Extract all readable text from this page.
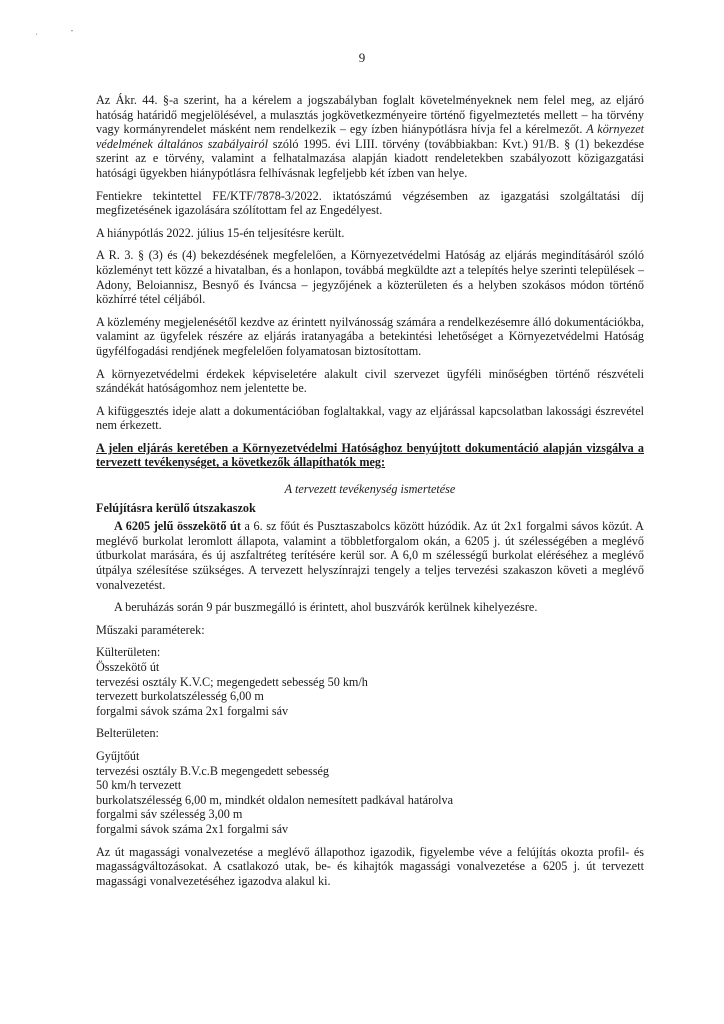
,	"
9

Az Ákr. 44. §-a szerint, ha a kérelem a jogszabályban foglalt követelményeknek nem felel meg, az eljáró hatóság határidő megjelölésével, a mulasztás jogkövetkezményeire történő figyelmeztetés mellett – ha törvény vagy kormányrendelet másként nem rendelkezik – egy ízben hiánypótlásra hívja fel a kérelmezőt. A környezet védelmének általános szabályairól szóló 1995. évi LIII. törvény (továbbiakban: Kvt.) 91/B. § (1) bekezdése szerint az e törvény, valamint a felhatalmazása alapján kiadott rendeletekben szabályozott közigazgatási hatósági ügyekben hiánypótlásra felhívásnak legfeljebb két ízben van helye.

Fentiekre tekintettel FE/KTF/7878-3/2022. iktatószámú végzésemben az igazgatási szolgáltatási díj megfizetésének igazolására szólítottam fel az Engedélyest.

A hiánypótlás 2022. július 15-én teljesítésre került.

A R. 3. § (3) és (4) bekezdésének megfelelően, a Környezetvédelmi Hatóság az eljárás megindításáról szóló közleményt tett közzé a hivatalban, és a honlapon, továbbá megküldte azt a telepítés helye szerinti települések – Adony, Beloiannisz, Besnyő és Iváncsa – jegyzőjének a közterületen és a helyben szokásos módon történő közhírré tétel céljából.

A közlemény megjelenésétől kezdve az érintett nyilvánosság számára a rendelkezésemre álló dokumentációkba, valamint az ügyfelek részére az eljárás iratanyagába a betekintési lehetőséget a Környezetvédelmi Hatóság ügyfélfogadási rendjének megfelelően folyamatosan biztosítottam.

A környezetvédelmi érdekek képviseletére alakult civil szervezet ügyféli minőségben történő részvételi szándékát hatóságomhoz nem jelentette be.

A kifüggesztés ideje alatt a dokumentációban foglaltakkal, vagy az eljárással kapcsolatban lakossági észrevétel nem érkezett.

A jelen eljárás keretében a Környezetvédelmi Hatósághoz benyújtott dokumentáció alapján vizsgálva a tervezett tevékenységet, a következők állapíthatók meg:

A tervezett tevékenység ismertetése

Felújításra kerülő útszakaszok

A 6205 jelű összekötő út a 6. sz főút és Pusztaszabolcs között húzódik. Az út 2x1 forgalmi sávos közút. A meglévő burkolat leromlott állapota, valamint a többletforgalom okán, a 6205 j. út szélességében a meglévő útburkolat marására, és új aszfaltréteg terítésére kerül sor. A 6,0 m szélességű burkolat eléréséhez a meglévő útpálya szélesítése szükséges. A tervezett helyszínrajzi tengely a teljes tervezési szakaszon követi a meglévő vonalvezetést.

A beruházás során 9 pár buszmegálló is érintett, ahol buszvárók kerülnek kihelyezésre.

Műszaki paraméterek:

Külterületen:

Összekötő út

tervezési osztály K.V.C; megengedett sebesség 50 km/h

tervezett burkolatszélesség 6,00 m

forgalmi sávok száma 2x1 forgalmi sáv

Belterületen:

Gyűjtőút

tervezési osztály B.V.c.B megengedett sebesség

50 km/h tervezett

burkolatszélesség 6,00 m, mindkét oldalon nemesített padkával határolva

forgalmi sáv szélesség 3,00 m

forgalmi sávok száma 2x1 forgalmi sáv

Az út magassági vonalvezetése a meglévő állapothoz igazodik, figyelembe véve a felújítás okozta profil- és magasságváltozásokat. A csatlakozó utak, be- és kihajtók magassági vonalvezetése a 6205 j. út tervezett magassági vonalvezetéséhez igazodva alakul ki.
